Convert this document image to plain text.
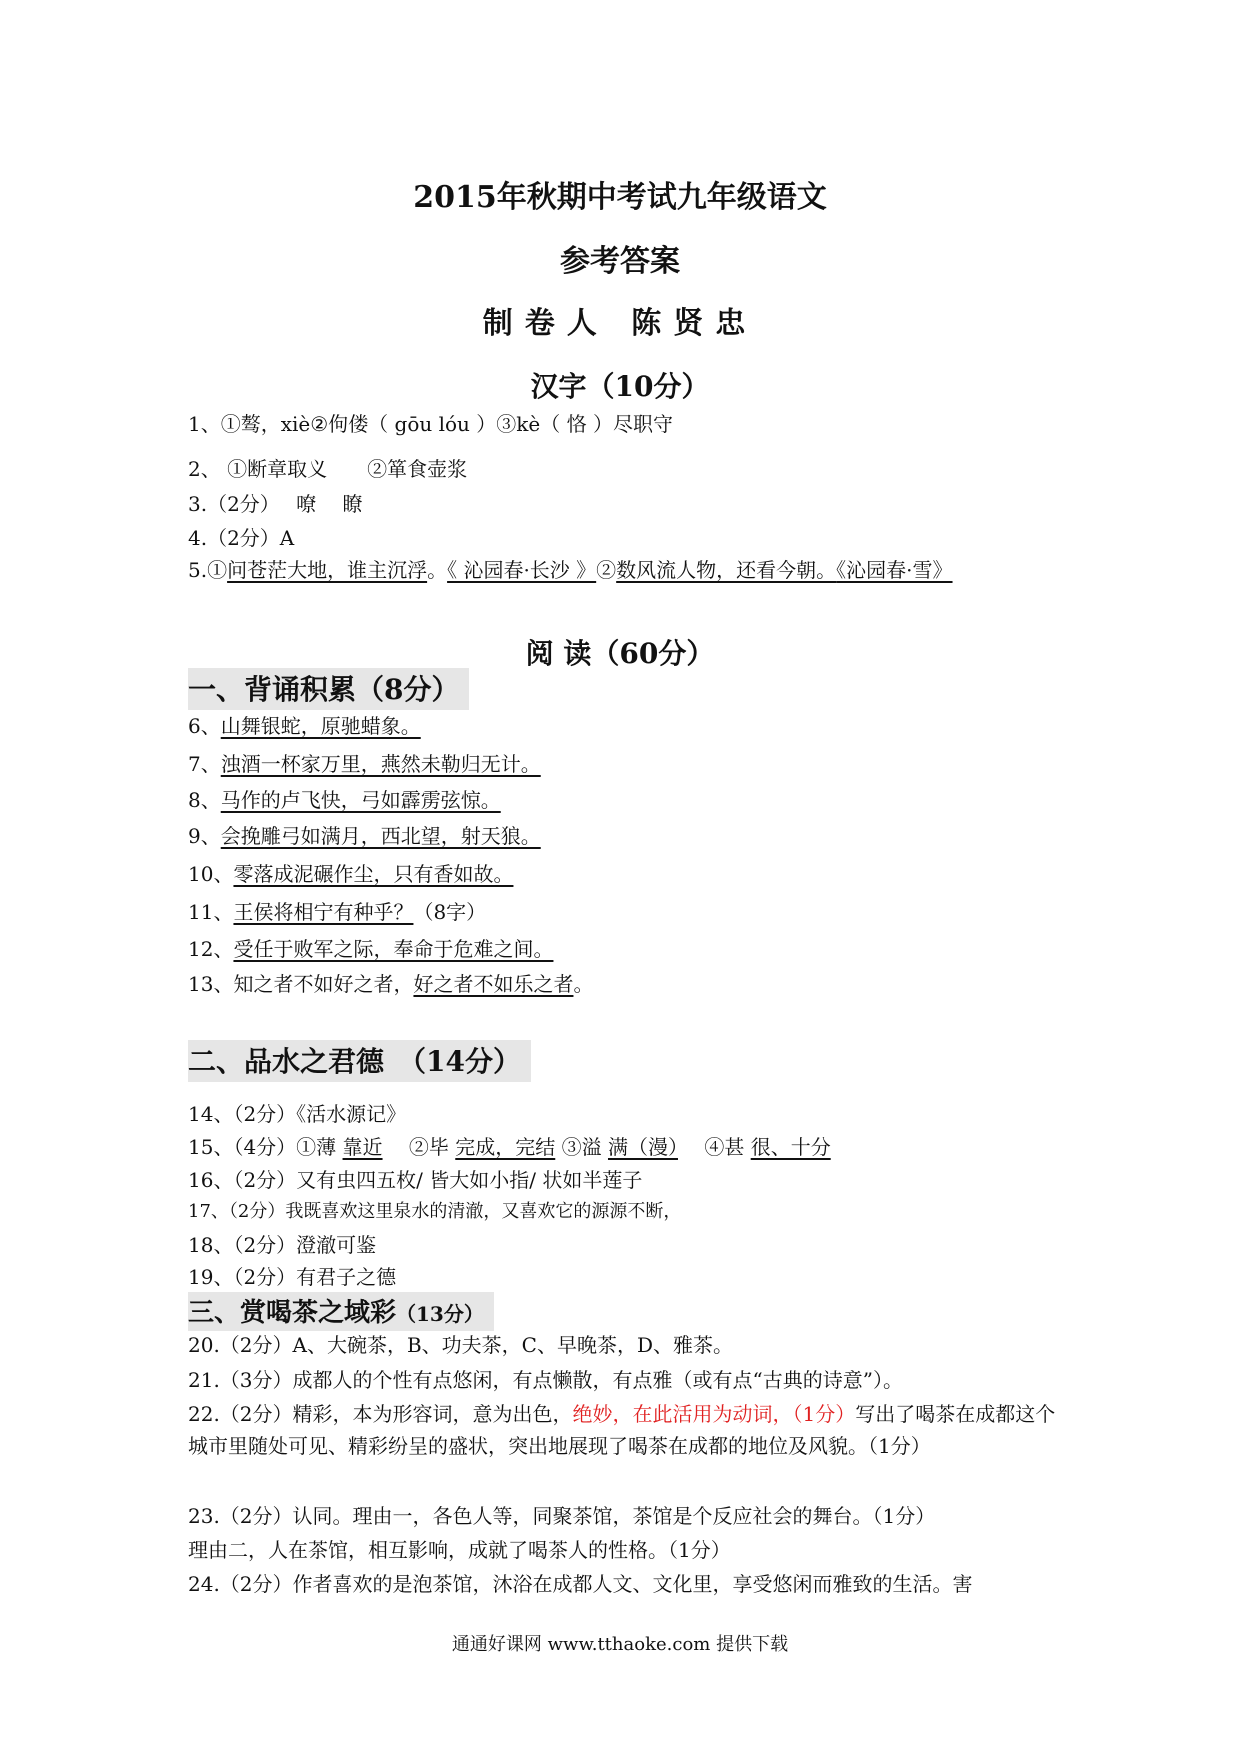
2015年秋期中考试九年级语文
参考答案
制卷人 陈贤忠
汉字（10分）
1、①骜，xiè②佝偻（ gōu lóu ）③kè（ 恪 ）尽职守
2、 ①断章取义　　②箪食壶浆
3.（2分）　 嘹　 瞭
4.（2分）A
5.①问苍茫大地，谁主沉浮。《 沁园春·长沙 》②数风流人物，还看今朝。《沁园春·雪》
阅 读（60分）
一、背诵积累（8分）
6、山舞银蛇，原驰蜡象。
7、浊酒一杯家万里，燕然未勒归无计。
8、马作的卢飞快，弓如霹雳弦惊。
9、会挽雕弓如满月，西北望，射天狼。
10、零落成泥碾作尘，只有香如故。
11、王侯将相宁有种乎？（8字）
12、受任于败军之际，奉命于危难之间。
13、知之者不如好之者，好之者不如乐之者。
二、品水之君德　（14分）
14、（2分）《活水源记》
15、（4分）①薄 靠近　 ②毕 完成，完结 ③溢 满（漫）　 ④甚 很、十分
16、（2分）又有虫四五枚/ 皆大如小指/ 状如半莲子
17、（2分）我既喜欢这里泉水的清澈，又喜欢它的源源不断，
18、（2分）澄澈可鉴
19、（2分）有君子之德
三、赏喝茶之域彩（13分）
20.（2分）A、大碗茶，B、功夫茶，C、早晚茶，D、雅茶。
21.（3分）成都人的个性有点悠闲，有点懒散，有点雅（或有点“古典的诗意”）。
22.（2分）精彩，本为形容词，意为出色，绝妙，在此活用为动词，（1分）写出了喝茶在成都这个城市里随处可见、精彩纷呈的盛状，突出地展现了喝茶在成都的地位及风貌。（1分）
23.（2分）认同。理由一，各色人等，同聚茶馆，茶馆是个反应社会的舞台。（1分）
理由二，人在茶馆，相互影响，成就了喝茶人的性格。（1分）
24.（2分）作者喜欢的是泡茶馆，沐浴在成都人文、文化里，享受悠闲而雅致的生活。害
通通好课网 www.tthaoke.com 提供下载
